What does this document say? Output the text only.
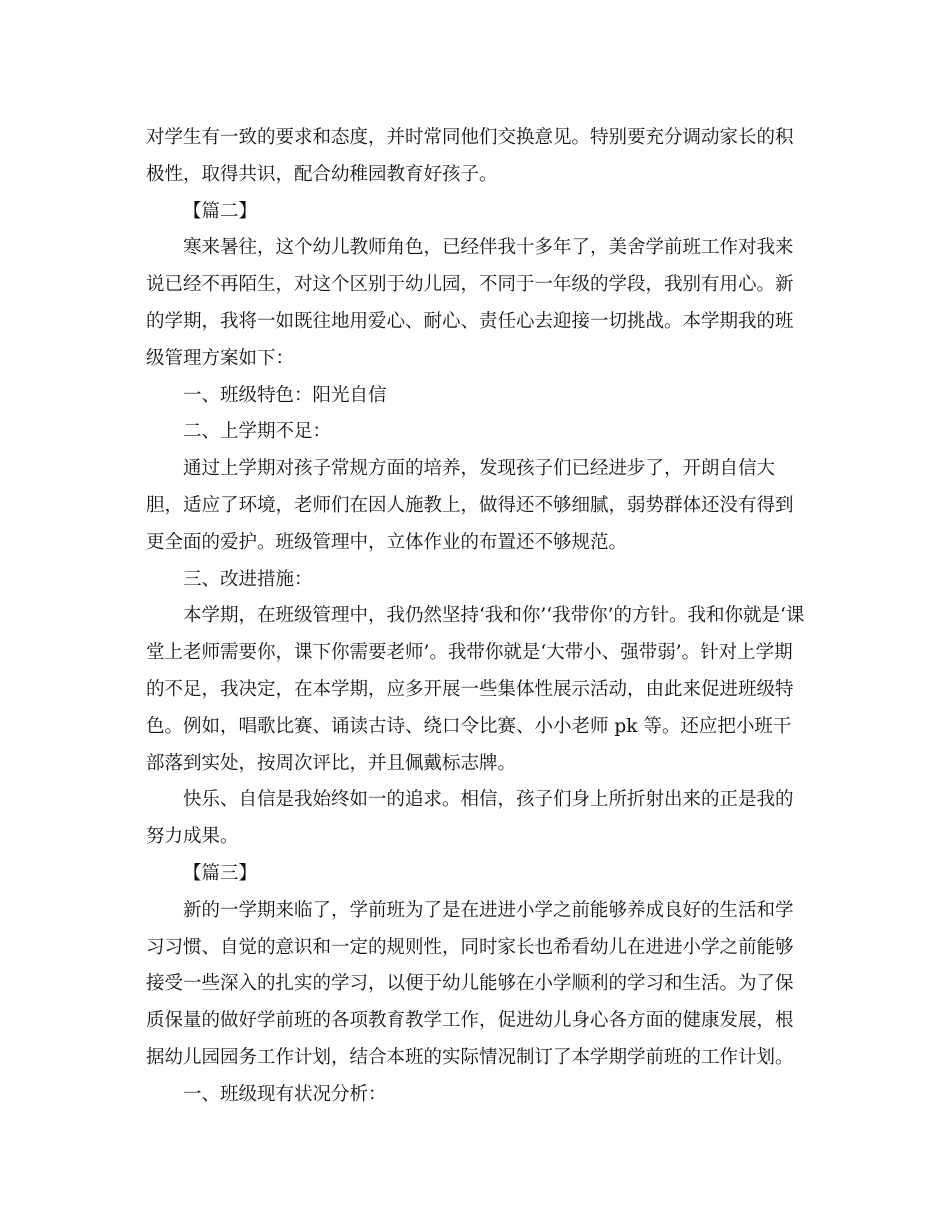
对学生有一致的要求和态度，并时常同他们交换意见。特别要充分调动家长的积极性，取得共识，配合幼稚园教育好孩子。

【篇二】

寒来暑往，这个幼儿教师角色，已经伴我十多年了，美舍学前班工作对我来说已经不再陌生，对这个区别于幼儿园，不同于一年级的学段，我别有用心。新的学期，我将一如既往地用爱心、耐心、责任心去迎接一切挑战。本学期我的班级管理方案如下：

一、班级特色：阳光自信

二、上学期不足：

通过上学期对孩子常规方面的培养，发现孩子们已经进步了，开朗自信大胆，适应了环境，老师们在因人施教上，做得还不够细腻，弱势群体还没有得到更全面的爱护。班级管理中，立体作业的布置还不够规范。

三、改进措施：

本学期，在班级管理中，我仍然坚持‘我和你’‘我带你’的方针。我和你就是‘课堂上老师需要你，课下你需要老师’。我带你就是‘大带小、强带弱’。针对上学期的不足，我决定，在本学期，应多开展一些集体性展示活动，由此来促进班级特色。例如，唱歌比赛、诵读古诗、绕口令比赛、小小老师 pk 等。还应把小班干部落到实处，按周次评比，并且佩戴标志牌。

快乐、自信是我始终如一的追求。相信，孩子们身上所折射出来的正是我的努力成果。

【篇三】

新的一学期来临了，学前班为了是在进进小学之前能够养成良好的生活和学习习惯、自觉的意识和一定的规则性，同时家长也希看幼儿在进进小学之前能够接受一些深入的扎实的学习，以便于幼儿能够在小学顺利的学习和生活。为了保质保量的做好学前班的各项教育教学工作，促进幼儿身心各方面的健康发展，根据幼儿园园务工作计划，结合本班的实际情况制订了本学期学前班的工作计划。

一、班级现有状况分析：
